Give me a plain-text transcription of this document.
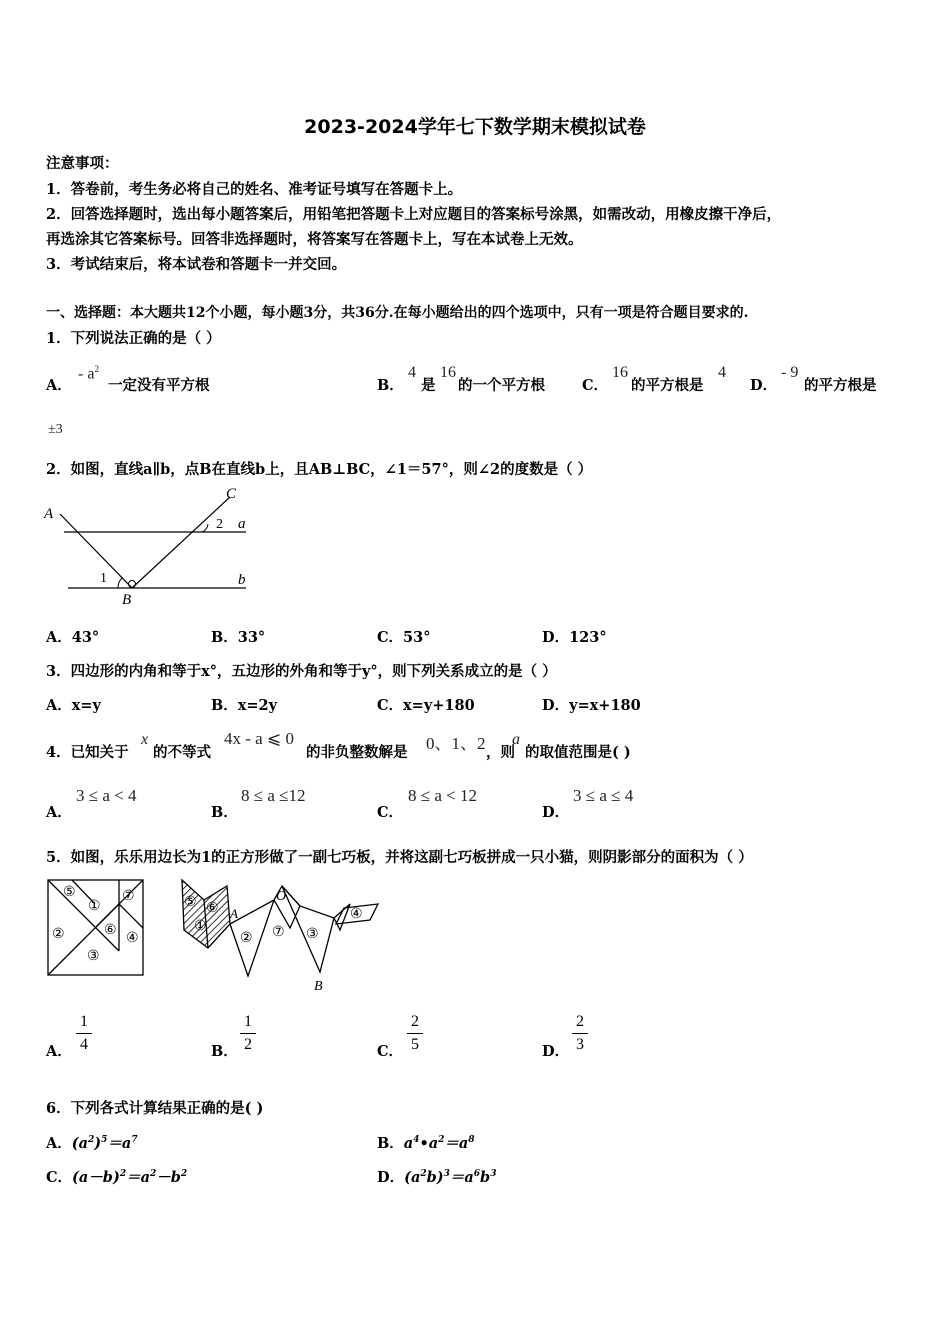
2023-2024学年七下数学期末模拟试卷
注意事项：
1．答卷前，考生务必将自己的姓名、准考证号填写在答题卡上。
2．回答选择题时，选出每小题答案后，用铅笔把答题卡上对应题目的答案标号涂黑，如需改动，用橡皮擦干净后，
再选涂其它答案标号。回答非选择题时，将答案写在答题卡上，写在本试卷上无效。
3．考试结束后，将本试卷和答题卡一并交回。
一、选择题：本大题共12个小题，每小题3分，共36分.在每小题给出的四个选项中，只有一项是符合题目要求的.
1．下列说法正确的是（ ）
A．
- $a^2$
一定没有平方根	B．
4
是
16
的一个平方根	C．
16
的平方根是
4
D．
- 9
的平方根是
±3
2．如图，直线a∥b，点B在直线b上，且AB⊥BC，∠1＝57°，则∠2的度数是（ ）
A
C
a
b
B
1
2
A．43°	B．33°	C．53°	D．123°
3．四边形的内角和等于x°，五边形的外角和等于y°，则下列关系成立的是（ ）
A．x=y	B．x=2y	C．x=y+180	D．y=x+180
4．已知关于
x
的不等式
4x - a ⩽ 0
的非负整数解是 0、1、2 ，则
a
的取值范围是( )
A．
3 ≤ a < 4
B．
8 ≤ a ≤12
C．
8 ≤ a < 12
D．
3 ≤ a ≤ 4
5．如图，乐乐用边长为1的正方形做了一副七巧板，并将这副七巧板拼成一只小猫，则阴影部分的面积为（ ）
⑤
①
⑦
②	⑥
④
③
⑤ ⑥
①
② ⑦ ③
④
O
A
B
A．
1
4	B．
1
2	C．
2
5	D．
2
3
6．下列各式计算结果正确的是( )
A．$(a^2)^5=a^7$	B．$a^4•a^2=a^8$
C．$(a-b)^2=a^2-b^2$	D．$(a^2b)^3=a^6b^3$
